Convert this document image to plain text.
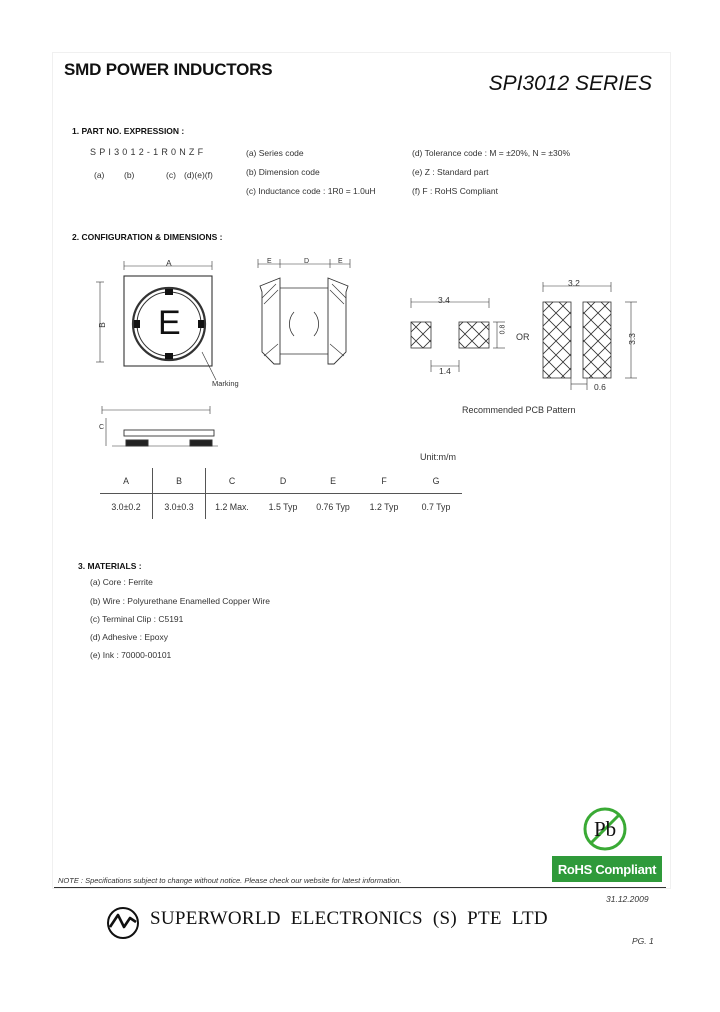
SMD POWER INDUCTORS
SPI3012 SERIES
1. PART NO. EXPRESSION :
SPI3012-1R0NZF
(a) (b)	(c) (d)(e)(f)
(a) Series code
(b) Dimension code
(c) Inductance code : 1R0 = 1.0uH
(d) Tolerance code : M = ±20%, N = ±30%
(e) Z : Standard part
(f) F : RoHS Compliant
2. CONFIGURATION & DIMENSIONS :
A
B E
Marking
E	D	E
C
3.4
1.4
0.8
OR
3.2
3.3
0.6
Recommended PCB Pattern
Unit:m/m
A	B	C	D	E	F	G
3.0±0.2	3.0±0.3	1.2 Max.	1.5 Typ	0.76 Typ	1.2 Typ	0.7 Typ
3. MATERIALS :
(a) Core : Ferrite
(b) Wire : Polyurethane Enamelled Copper Wire
(c) Terminal Clip : C5191
(d) Adhesive : Epoxy
(e) Ink : 70000-00101
Pb
RoHS Compliant
NOTE : Specifications subject to change without notice. Please check our website for latest information.
31.12.2009
SUPERWORLD ELECTRONICS (S) PTE LTD
PG. 1
